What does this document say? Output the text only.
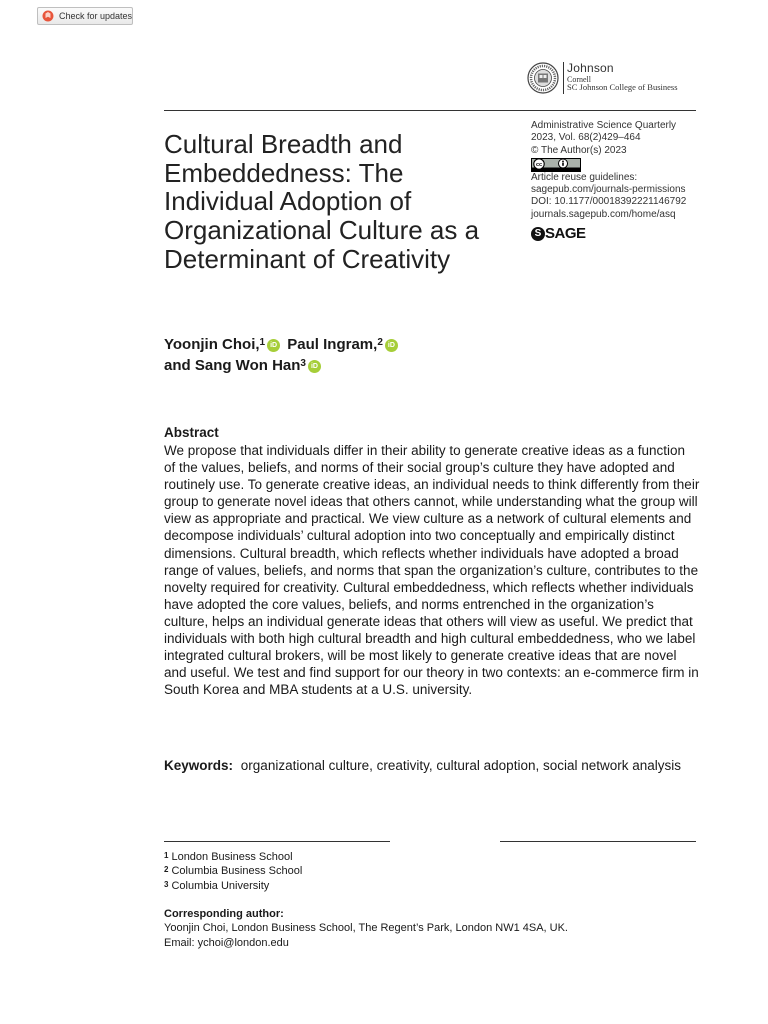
Check for updates
Johnson
Cornell
SC Johnson College of Business
Cultural Breadth and Embeddedness: The Individual Adoption of Organizational Culture as a Determinant of Creativity
Administrative Science Quarterly
2023, Vol. 68(2)429–464
© The Author(s) 2023
cc
Article reuse guidelines:
sagepub.com/journals-permissions
DOI: 10.1177/00018392221146792
journals.sagepub.com/home/asq
S SAGE
Yoonjin Choi,$^1$ iD Paul Ingram,$^2$ iD
and Sang Won Han$^3$ iD
Abstract

We propose that individuals differ in their ability to generate creative ideas as a function of the values, beliefs, and norms of their social group’s culture they have adopted and routinely use. To generate creative ideas, an individual needs to think differently from their group to generate novel ideas that others cannot, while understanding what the group will view as appropriate and practical. We view culture as a network of cultural elements and decompose individuals’ cultural adoption into two conceptually and empirically distinct dimensions. Cultural breadth, which reflects whether individuals have adopted a broad range of values, beliefs, and norms that span the organization’s culture, contributes to the novelty required for creativity. Cultural embeddedness, which reflects whether individuals have adopted the core values, beliefs, and norms entrenched in the organization’s culture, helps an individual generate ideas that others will view as useful. We predict that individuals with both high cultural breadth and high cultural embeddedness, who we label integrated cultural brokers, will be most likely to generate creative ideas that are novel and useful. We test and find support for our theory in two contexts: an e-commerce firm in South Korea and MBA students at a U.S. university.

Keywords: organizational culture, creativity, cultural adoption, social network analysis
$^1$ London Business School
$^2$ Columbia Business School
$^3$ Columbia University
Corresponding author:
Yoonjin Choi, London Business School, The Regent’s Park, London NW1 4SA, UK.
Email: ychoi@london.edu
